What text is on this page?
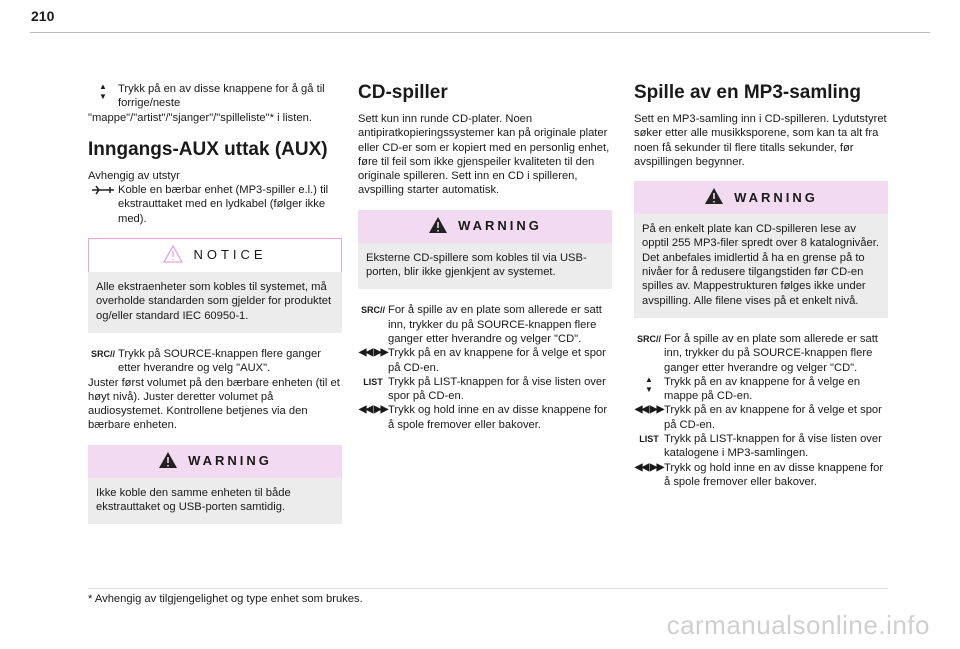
210
▲
▼

Trykk på en av disse knappene for å gå til forrige/neste

"mappe"/"artist"/"sjanger"/"spilleliste"* i listen.

Inngangs-AUX uttak (AUX)

Avhengig av utstyr

Koble en bærbar enhet (MP3-spiller e.l.) til ekstrauttaket med en lydkabel (følger ikke med).

NOTICE
Alle ekstraenheter som kobles til systemet, må overholde standarden som gjelder for produktet og/eller standard IEC 60950-1.
SRC// Trykk på SOURCE-knappen flere ganger etter hverandre og velg "AUX".

Juster først volumet på den bærbare enheten (til et høyt nivå). Juster deretter volumet på audiosystemet. Kontrollene betjenes via den bærbare enheten.

WARNING
Ikke koble den samme enheten til både ekstrauttaket og USB-porten samtidig.
CD-spiller

Sett kun inn runde CD-plater. Noen antipiratkopieringssystemer kan på originale plater eller CD-er som er kopiert med en personlig enhet, føre til feil som ikke gjenspeiler kvaliteten til den originale spilleren. Sett inn en CD i spilleren, avspilling starter automatisk.

WARNING
Eksterne CD-spillere som kobles til via USB-porten, blir ikke gjenkjent av systemet.
SRC// For å spille av en plate som allerede er satt inn, trykker du på SOURCE-knappen flere ganger etter hverandre og velger "CD".

◀◀ ▶▶ Trykk på en av knappene for å velge et spor på CD-en.

LIST Trykk på LIST-knappen for å vise listen over spor på CD-en.

◀◀ ▶▶ Trykk og hold inne en av disse knappene for å spole fremover eller bakover.

Spille av en MP3-samling

Sett en MP3-samling inn i CD-spilleren. Lydutstyret søker etter alle musikksporene, som kan ta alt fra noen få sekunder til flere titalls sekunder, før avspillingen begynner.

WARNING
På en enkelt plate kan CD-spilleren lese av opptil 255 MP3-filer spredt over 8 katalognivåer. Det anbefales imidlertid å ha en grense på to nivåer for å redusere tilgangstiden før CD-en spilles av. Mappestrukturen følges ikke under avspilling. Alle filene vises på et enkelt nivå.
SRC// For å spille av en plate som allerede er satt inn, trykker du på SOURCE-knappen flere ganger etter hverandre og velger "CD".

▲
▼

Trykk på en av knappene for å velge en mappe på CD-en.

◀◀ ▶▶ Trykk på en av knappene for å velge et spor på CD-en.

LIST Trykk på LIST-knappen for å vise listen over katalogene i MP3-samlingen.

◀◀ ▶▶ Trykk og hold inne en av disse knappene for å spole fremover eller bakover.

* Avhengig av tilgjengelighet og type enhet som brukes.
carmanualsonline.info
